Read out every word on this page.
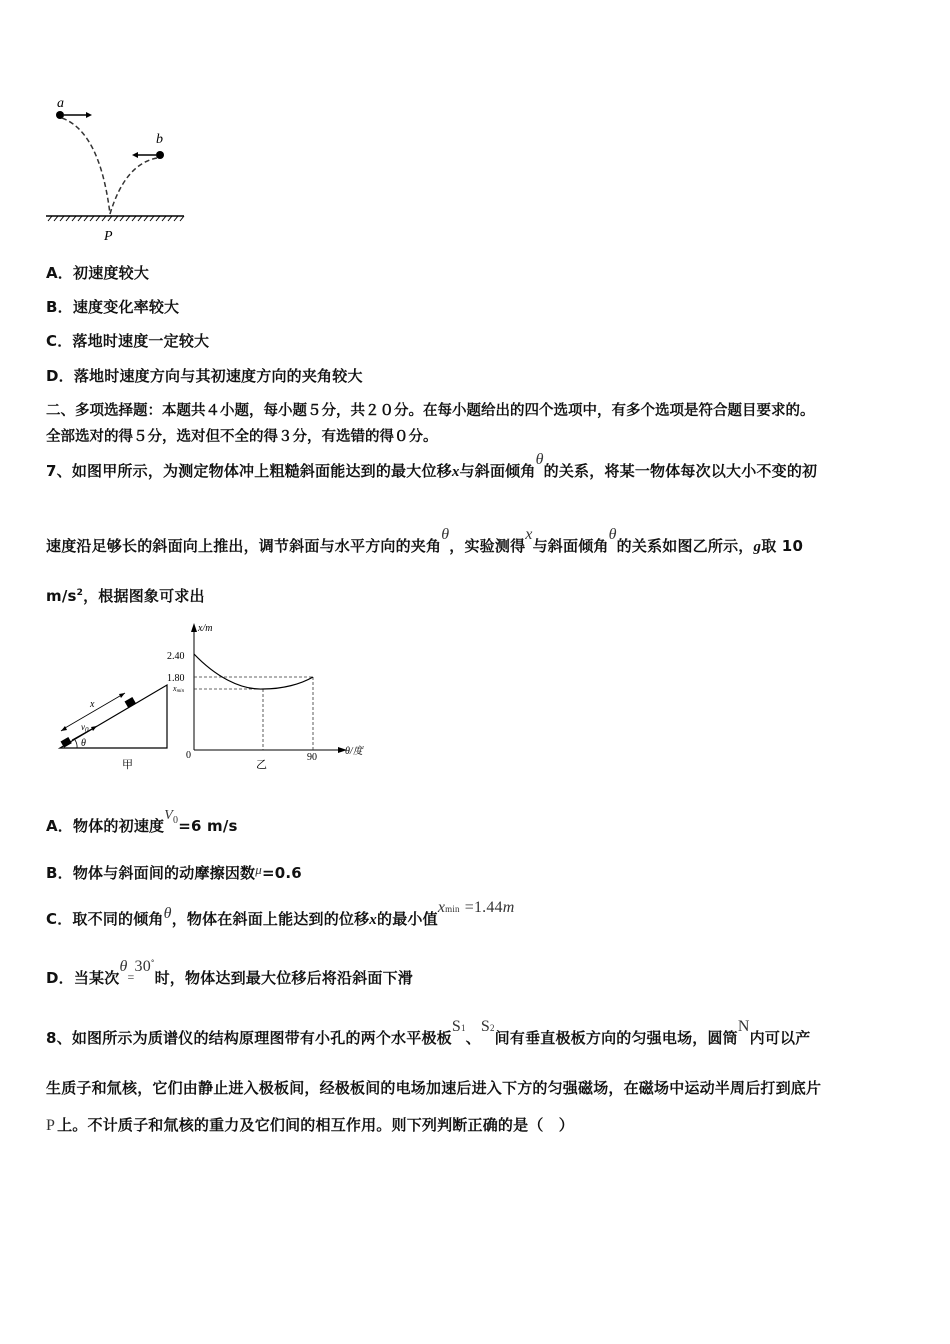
a
b
P
A．初速度较大
B．速度变化率较大
C．落地时速度一定较大
D．落地时速度方向与其初速度方向的夹角较大
二、多项选择题：本题共４小题，每小题５分，共２０分。在每小题给出的四个选项中，有多个选项是符合题目要求的。
全部选对的得５分，选对但不全的得３分，有选错的得０分。
7、如图甲所示，为测定物体冲上粗糙斜面能达到的最大位移x与斜面倾角θ的关系，将某一物体每次以大小不变的初
速度沿足够长的斜面向上推出，调节斜面与水平方向的夹角θ，实验测得x与斜面倾角θ的关系如图乙所示，g取 10
$m/s^2$，根据图象可求出
x
$v_0$
θ
甲
x/m
θ/度
2.40
1.80
xmin
0	90
乙
A．物体的初速度$V_0=6$ m/s
B．物体与斜面间的动摩擦因数μ=0.6
C．取不同的倾角θ，物体在斜面上能达到的位移x的最小值xmin =1.44m
D．当某次$\theta_=30^\circ$时，物体达到最大位移后将沿斜面下滑
8、如图所示为质谱仪的结构原理图带有小孔的两个水平极板S1、S2间有垂直极板方向的匀强电场，圆筒N内可以产
生质子和氚核，它们由静止进入极板间，经极板间的电场加速后进入下方的匀强磁场，在磁场中运动半周后打到底片
P 上。不计质子和氚核的重力及它们间的相互作用。则下列判断正确的是（　）
